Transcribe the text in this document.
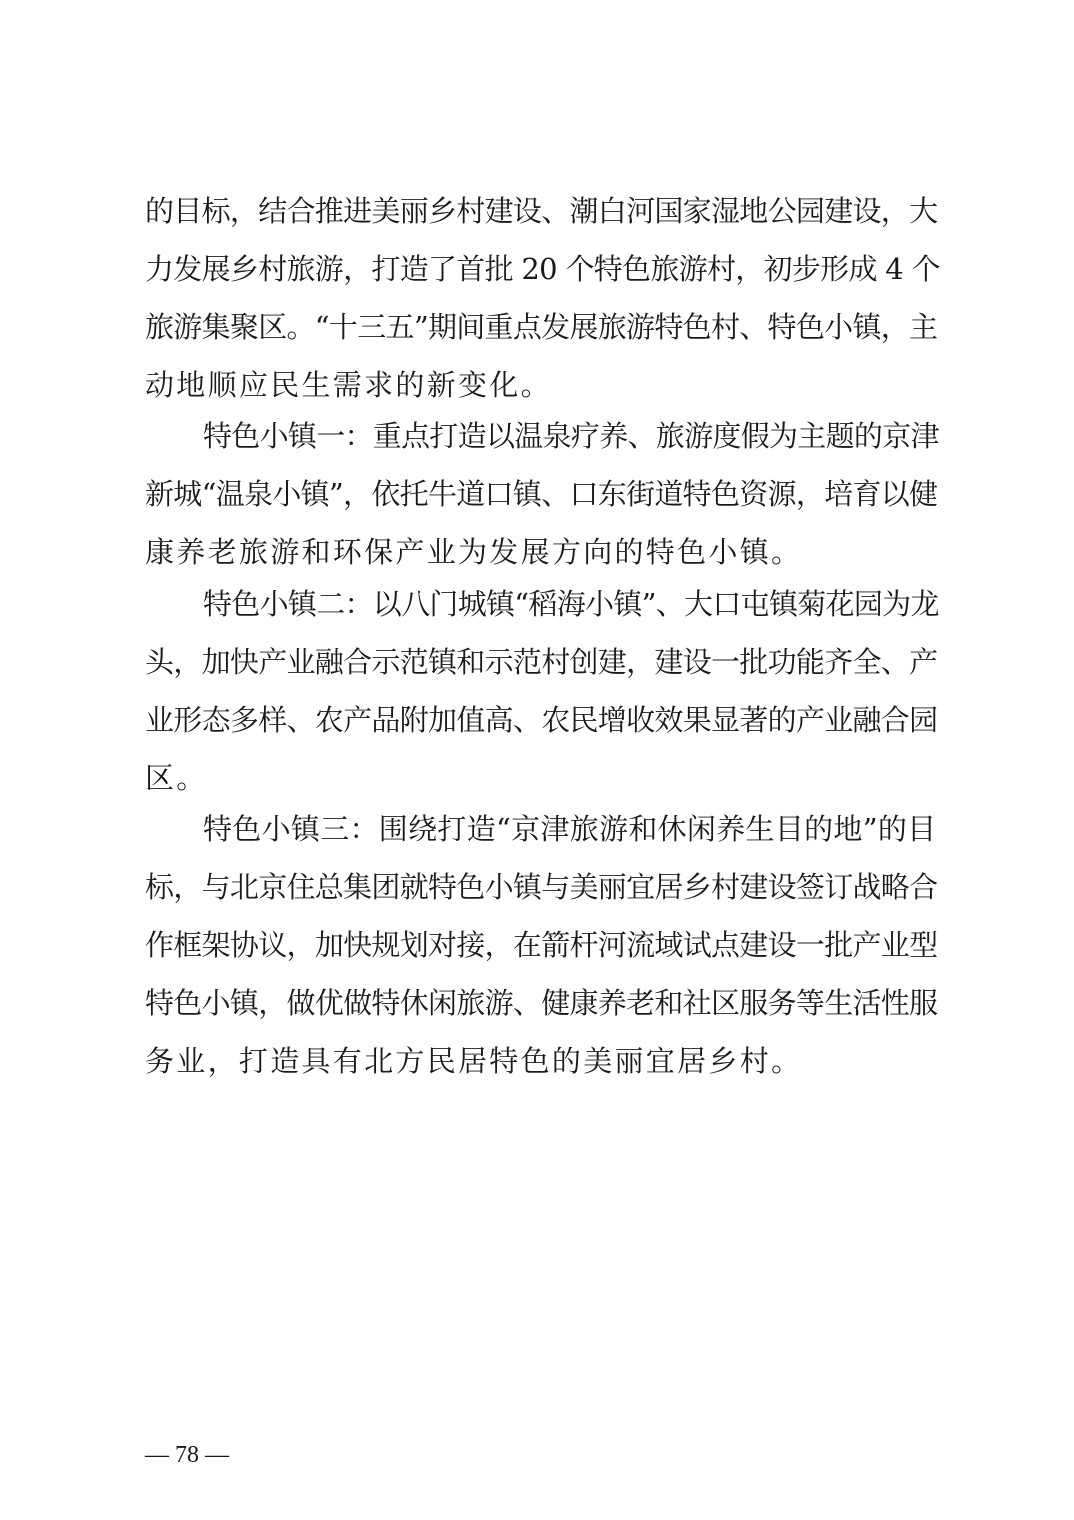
的目标，结合推进美丽乡村建设、潮白河国家湿地公园建设，大
力发展乡村旅游，打造了首批 20 个特色旅游村，初步形成 4 个
旅游集聚区。“十三五”期间重点发展旅游特色村、特色小镇，主
动地顺应民生需求的新变化。
特色小镇一：重点打造以温泉疗养、旅游度假为主题的京津
新城“温泉小镇”，依托牛道口镇、口东街道特色资源，培育以健
康养老旅游和环保产业为发展方向的特色小镇。
特色小镇二：以八门城镇“稻海小镇”、大口屯镇菊花园为龙
头，加快产业融合示范镇和示范村创建，建设一批功能齐全、产
业形态多样、农产品附加值高、农民增收效果显著的产业融合园
区。
特色小镇三：围绕打造“京津旅游和休闲养生目的地”的目
标，与北京住总集团就特色小镇与美丽宜居乡村建设签订战略合
作框架协议，加快规划对接，在箭杆河流域试点建设一批产业型
特色小镇，做优做特休闲旅游、健康养老和社区服务等生活性服
务业，打造具有北方民居特色的美丽宜居乡村。
— 78 —
